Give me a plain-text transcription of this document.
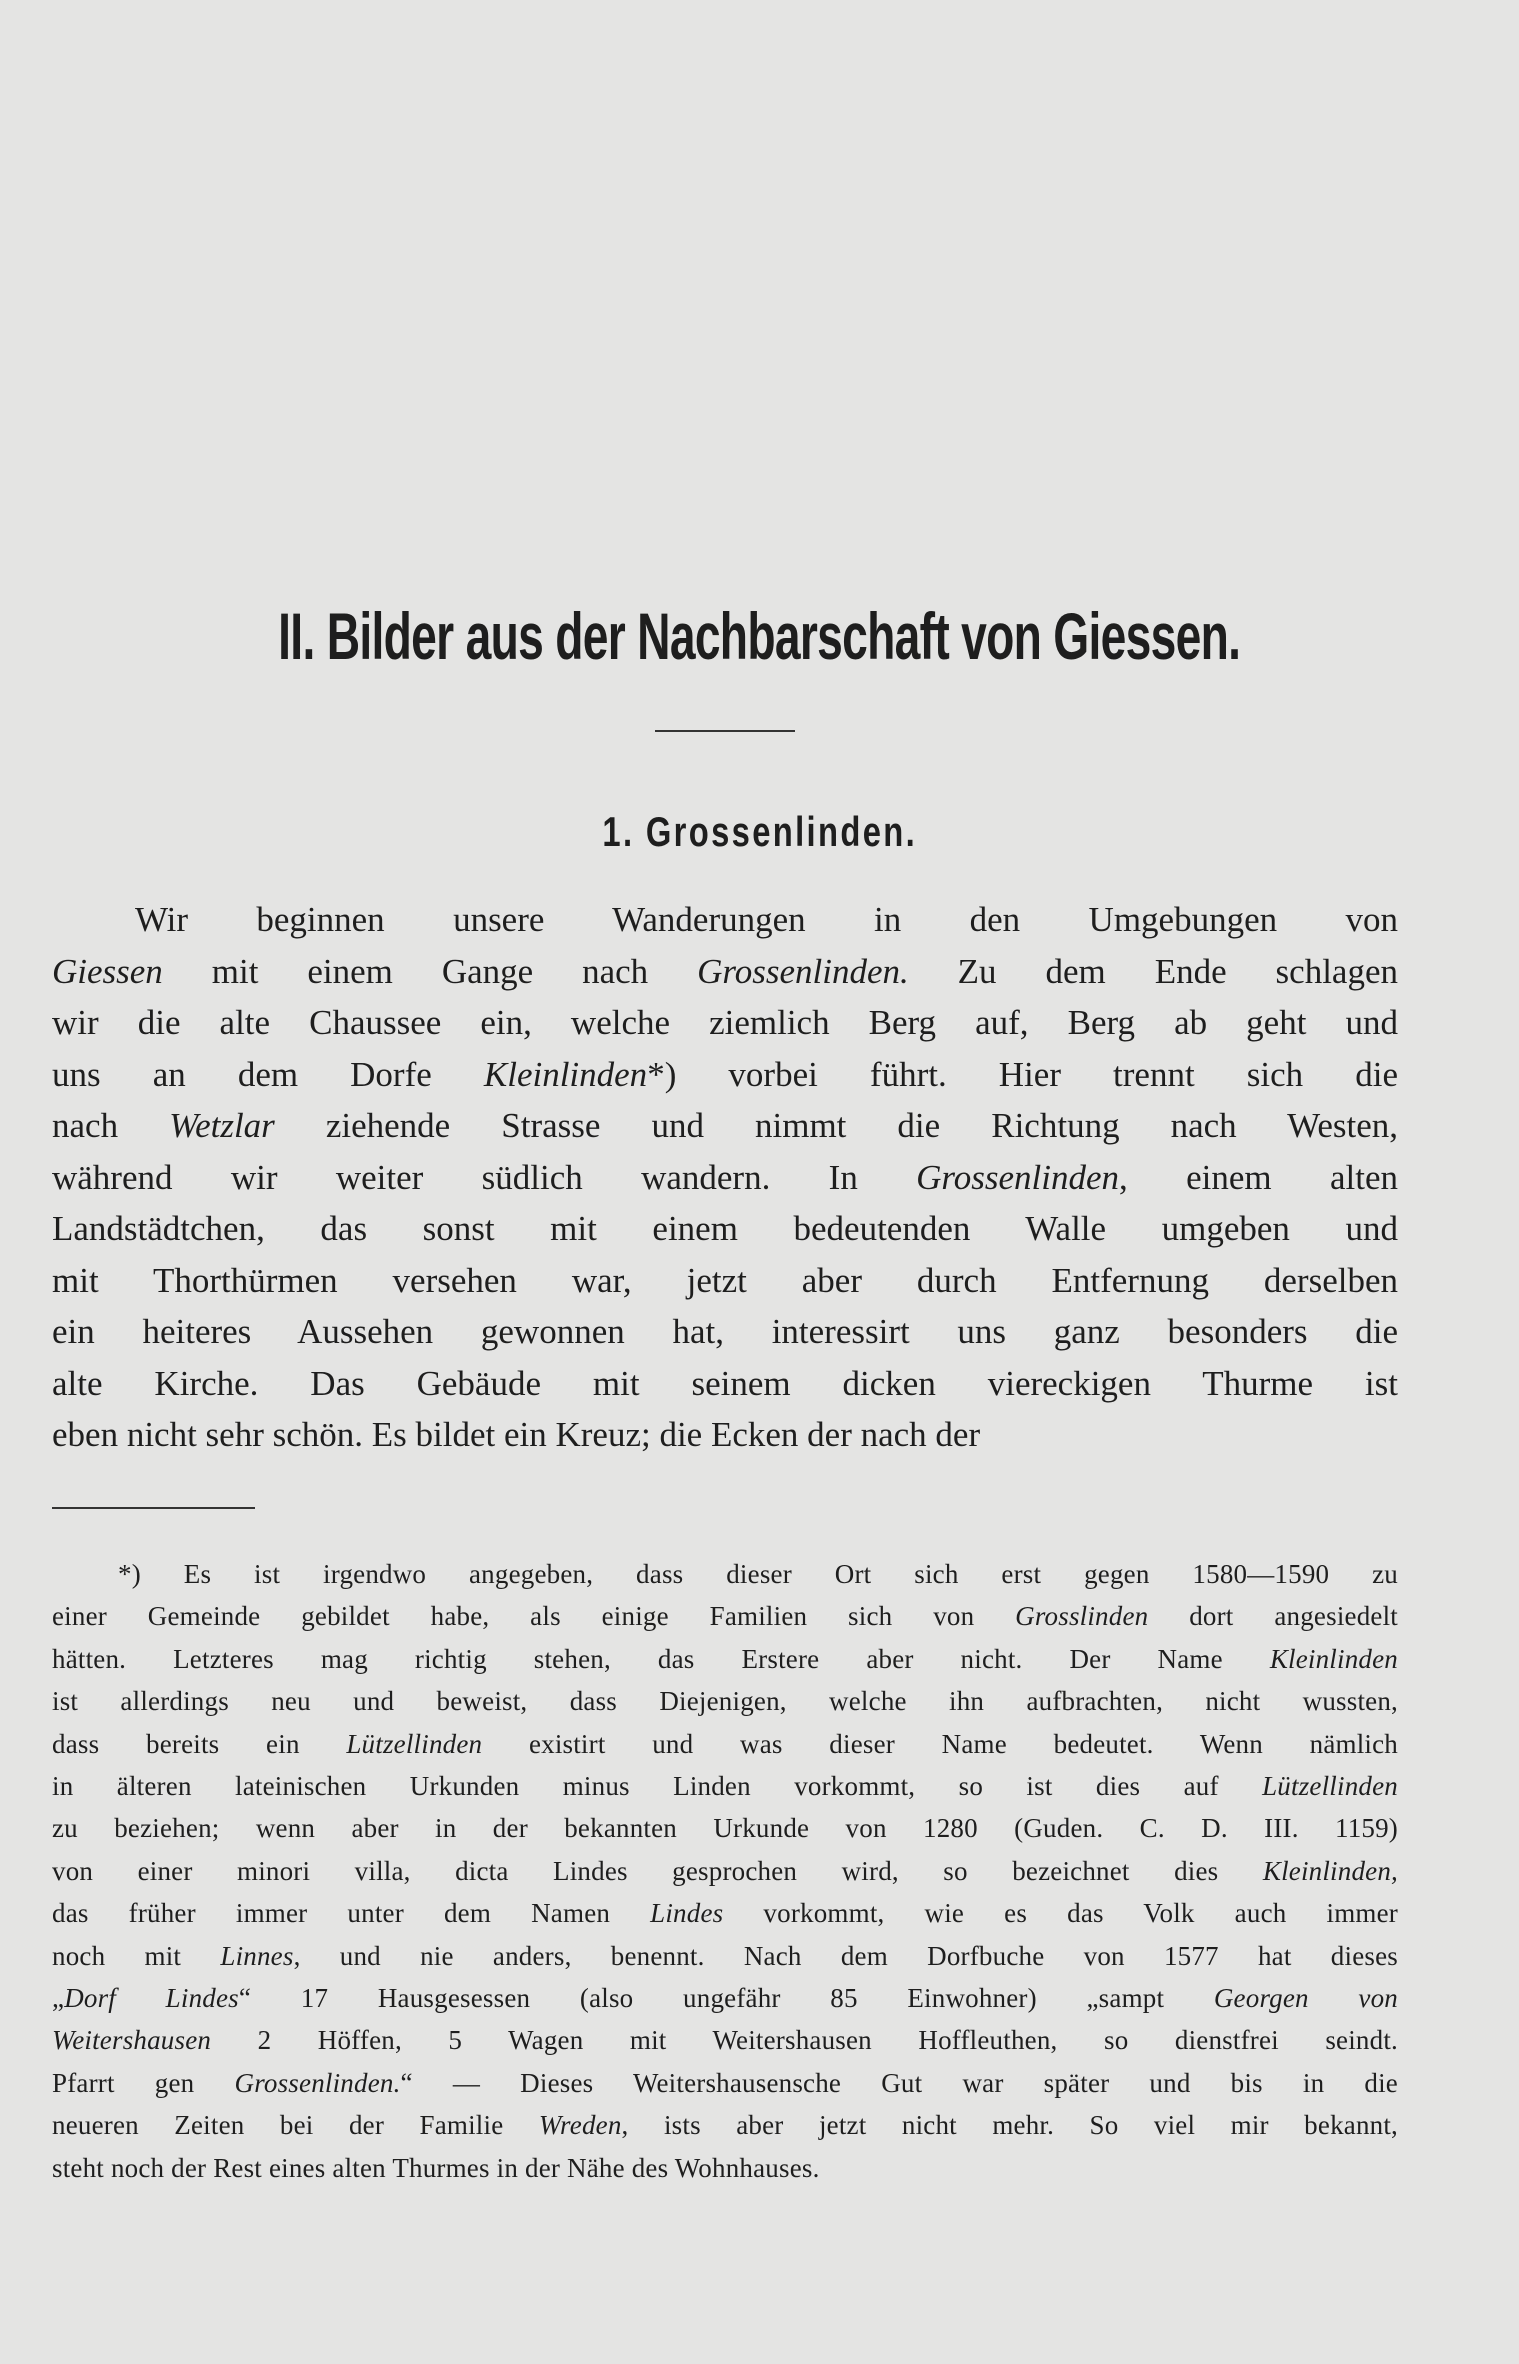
II. Bilder aus der Nachbarschaft von Giessen.
1. Grossenlinden.
Wir beginnen unsere Wanderungen in den Umgebungen von
Giessen mit einem Gange nach Grossenlinden. Zu dem Ende schlagen
wir die alte Chaussee ein, welche ziemlich Berg auf, Berg ab geht und
uns an dem Dorfe Kleinlinden*) vorbei führt. Hier trennt sich die
nach Wetzlar ziehende Strasse und nimmt die Richtung nach Westen,
während wir weiter südlich wandern. In Grossenlinden, einem alten
Landstädtchen, das sonst mit einem bedeutenden Walle umgeben und
mit Thorthürmen versehen war, jetzt aber durch Entfernung derselben
ein heiteres Aussehen gewonnen hat, interessirt uns ganz besonders die
alte Kirche. Das Gebäude mit seinem dicken viereckigen Thurme ist
eben nicht sehr schön. Es bildet ein Kreuz; die Ecken der nach der
*) Es ist irgendwo angegeben, dass dieser Ort sich erst gegen 1580—1590 zu
einer Gemeinde gebildet habe, als einige Familien sich von Grosslinden dort angesiedelt
hätten. Letzteres mag richtig stehen, das Erstere aber nicht. Der Name Kleinlinden
ist allerdings neu und beweist, dass Diejenigen, welche ihn aufbrachten, nicht wussten,
dass bereits ein Lützellinden existirt und was dieser Name bedeutet. Wenn nämlich
in älteren lateinischen Urkunden minus Linden vorkommt, so ist dies auf Lützellinden
zu beziehen; wenn aber in der bekannten Urkunde von 1280 (Guden. C. D. III. 1159)
von einer minori villa, dicta Lindes gesprochen wird, so bezeichnet dies Kleinlinden,
das früher immer unter dem Namen Lindes vorkommt, wie es das Volk auch immer
noch mit Linnes, und nie anders, benennt. Nach dem Dorfbuche von 1577 hat dieses
„Dorf Lindes“ 17 Hausgesessen (also ungefähr 85 Einwohner) „sampt Georgen von
Weitershausen 2 Höffen, 5 Wagen mit Weitershausen Hoffleuthen, so dienstfrei seindt.
Pfarrt gen Grossenlinden.“ — Dieses Weitershausensche Gut war später und bis in die
neueren Zeiten bei der Familie Wreden, ists aber jetzt nicht mehr. So viel mir bekannt,
steht noch der Rest eines alten Thurmes in der Nähe des Wohnhauses.
